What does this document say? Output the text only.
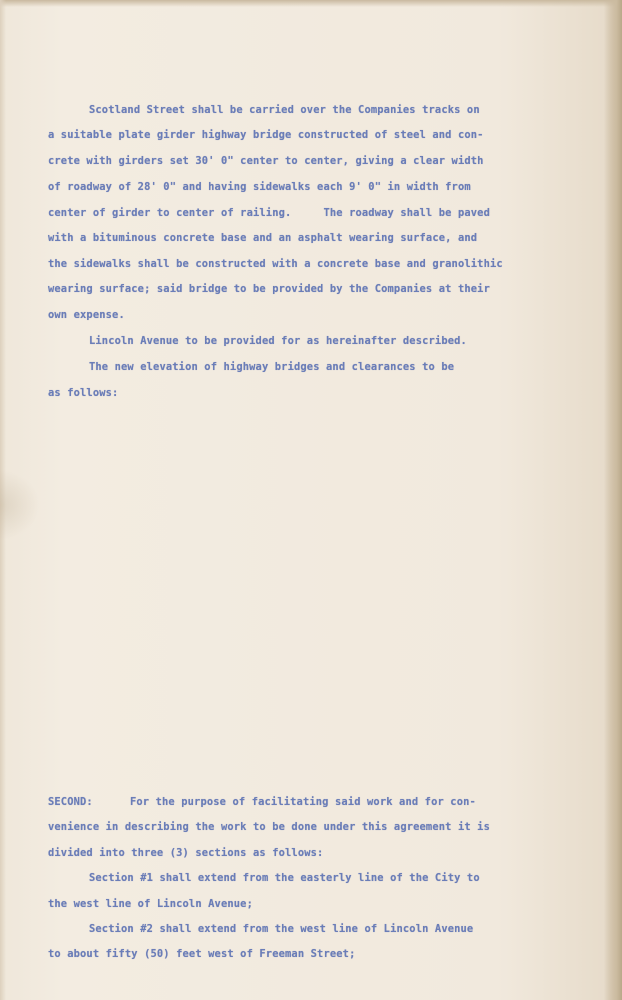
Scotland Street shall be carried over the Companies tracks on
a suitable plate girder highway bridge constructed of steel and con-
crete with girders set 30' 0" center to center, giving a clear width
of roadway of 28' 0" and having sidewalks each 9' 0" in width from
center of girder to center of railing.     The roadway shall be paved
with a bituminous concrete base and an asphalt wearing surface, and
the sidewalks shall be constructed with a concrete base and granolithic
wearing surface; said bridge to be provided by the Companies at their
own expense.
Lincoln Avenue to be provided for as hereinafter described.
The new elevation of highway bridges and clearances to be
as follows:
SECOND:	For the purpose of facilitating said work and for con-
venience in describing the work to be done under this agreement it is
divided into three (3) sections as follows:
Section #1 shall extend from the easterly line of the City to
the west line of Lincoln Avenue;
Section #2 shall extend from the west line of Lincoln Avenue
to about fifty (50) feet west of Freeman Street;
